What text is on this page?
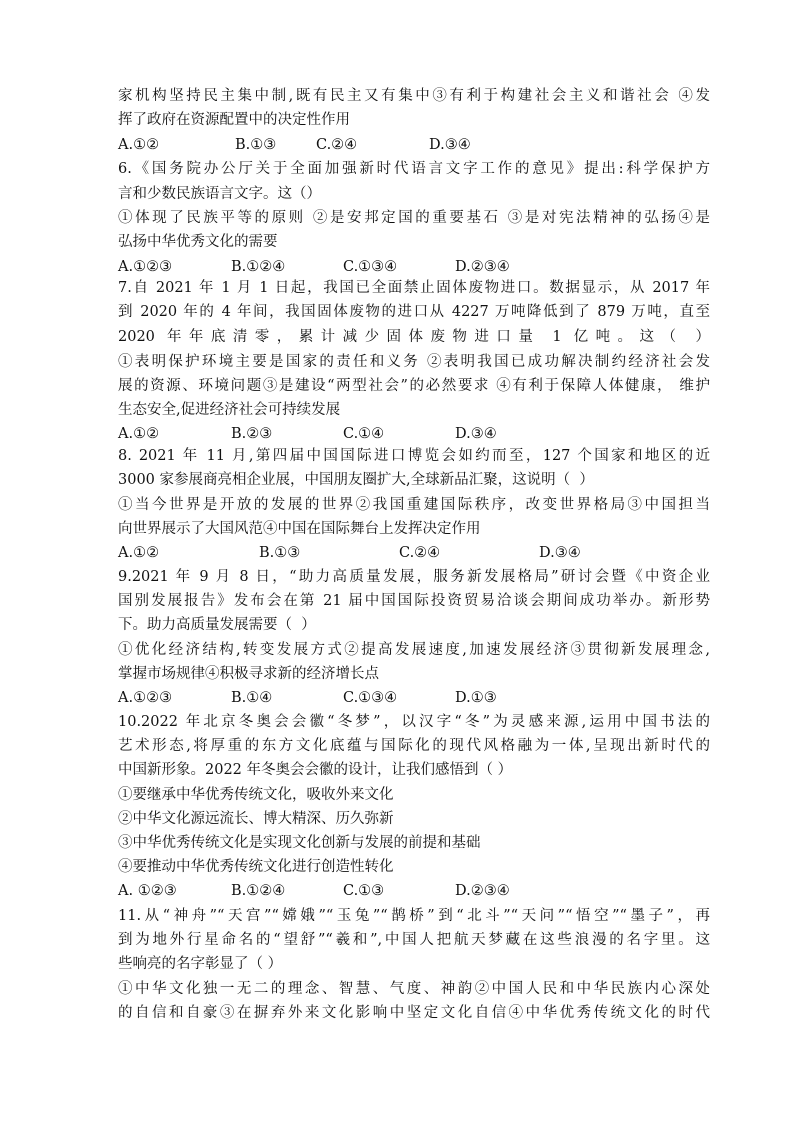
家机构坚持民主集中制,既有民主又有集中③有利于构建社会主义和谐社会 ④发
挥了政府在资源配置中的决定性作用
A.①②	B.①③	C.②④	D.③④
6.《国务院办公厅关于全面加强新时代语言文字工作的意见》提出:科学保护方
言和少数民族语言文字。这（）
①体现了民族平等的原则 ②是安邦定国的重要基石 ③是对宪法精神的弘扬④是
弘扬中华优秀文化的需要
A.①②③	B.①②④	C.①③④	D.②③④
7.自 2021 年 1 月 1 日起，我国已全面禁止固体废物进口。数据显示，从 2017 年
到 2020 年的 4 年间，我国固体废物的进口从 4227 万吨降低到了 879 万吨，直至
2020 年年底清零，累计减少固体废物进口量 1 亿吨。这（ ）
①表明保护环境主要是国家的责任和义务 ②表明我国已成功解决制约经济社会发
展的资源、环境问题③是建设“两型社会”的必然要求 ④有利于保障人体健康， 维护
生态安全,促进经济社会可持续发展
A.①②	B.②③	C.①④	D.③④
8. 2021 年 11 月,第四届中国国际进口博览会如约而至，127 个国家和地区的近
3000 家参展商亮相企业展，中国朋友圈扩大,全球新品汇聚，这说明（  ）
①当今世界是开放的发展的世界②我国重建国际秩序，改变世界格局③中国担当
向世界展示了大国风范④中国在国际舞台上发挥决定作用
A.①②	B.①③	C.②④	D.③④
9.2021 年 9 月 8 日，“助力高质量发展，服务新发展格局”研讨会暨《中资企业
国别发展报告》发布会在第 21 届中国国际投资贸易洽谈会期间成功举办。新形势
下。助力高质量发展需要（  ）
①优化经济结构,转变发展方式②提高发展速度,加速发展经济③贯彻新发展理念,
掌握市场规律④积极寻求新的经济增长点
A.①②③	B.①④	C.①③④	D.①③
10.2022 年北京冬奥会会徽“冬梦”，以汉字“冬”为灵感来源,运用中国书法的
艺术形态,将厚重的东方文化底蕴与国际化的现代风格融为一体,呈现出新时代的
中国新形象。2022 年冬奥会会徽的设计，让我们感悟到（ ）
①要继承中华优秀传统文化，吸收外来文化
②中华文化源远流长、博大精深、历久弥新
③中华优秀传统文化是实现文化创新与发展的前提和基础
④要推动中华优秀传统文化进行创造性转化
A. ①②③	B.①②④	C.①③	D.②③④
11.从“神舟”“天宫”“嫦娥”“玉兔”“鹊桥”到“北斗”“天问”“悟空”“墨子”，再
到为地外行星命名的“望舒”“羲和”,中国人把航天梦藏在这些浪漫的名字里。这
些响亮的名字彰显了（ ）
①中华文化独一无二的理念、智慧、气度、神韵②中国人民和中华民族内心深处
的自信和自豪③在摒弃外来文化影响中坚定文化自信④中华优秀传统文化的时代
